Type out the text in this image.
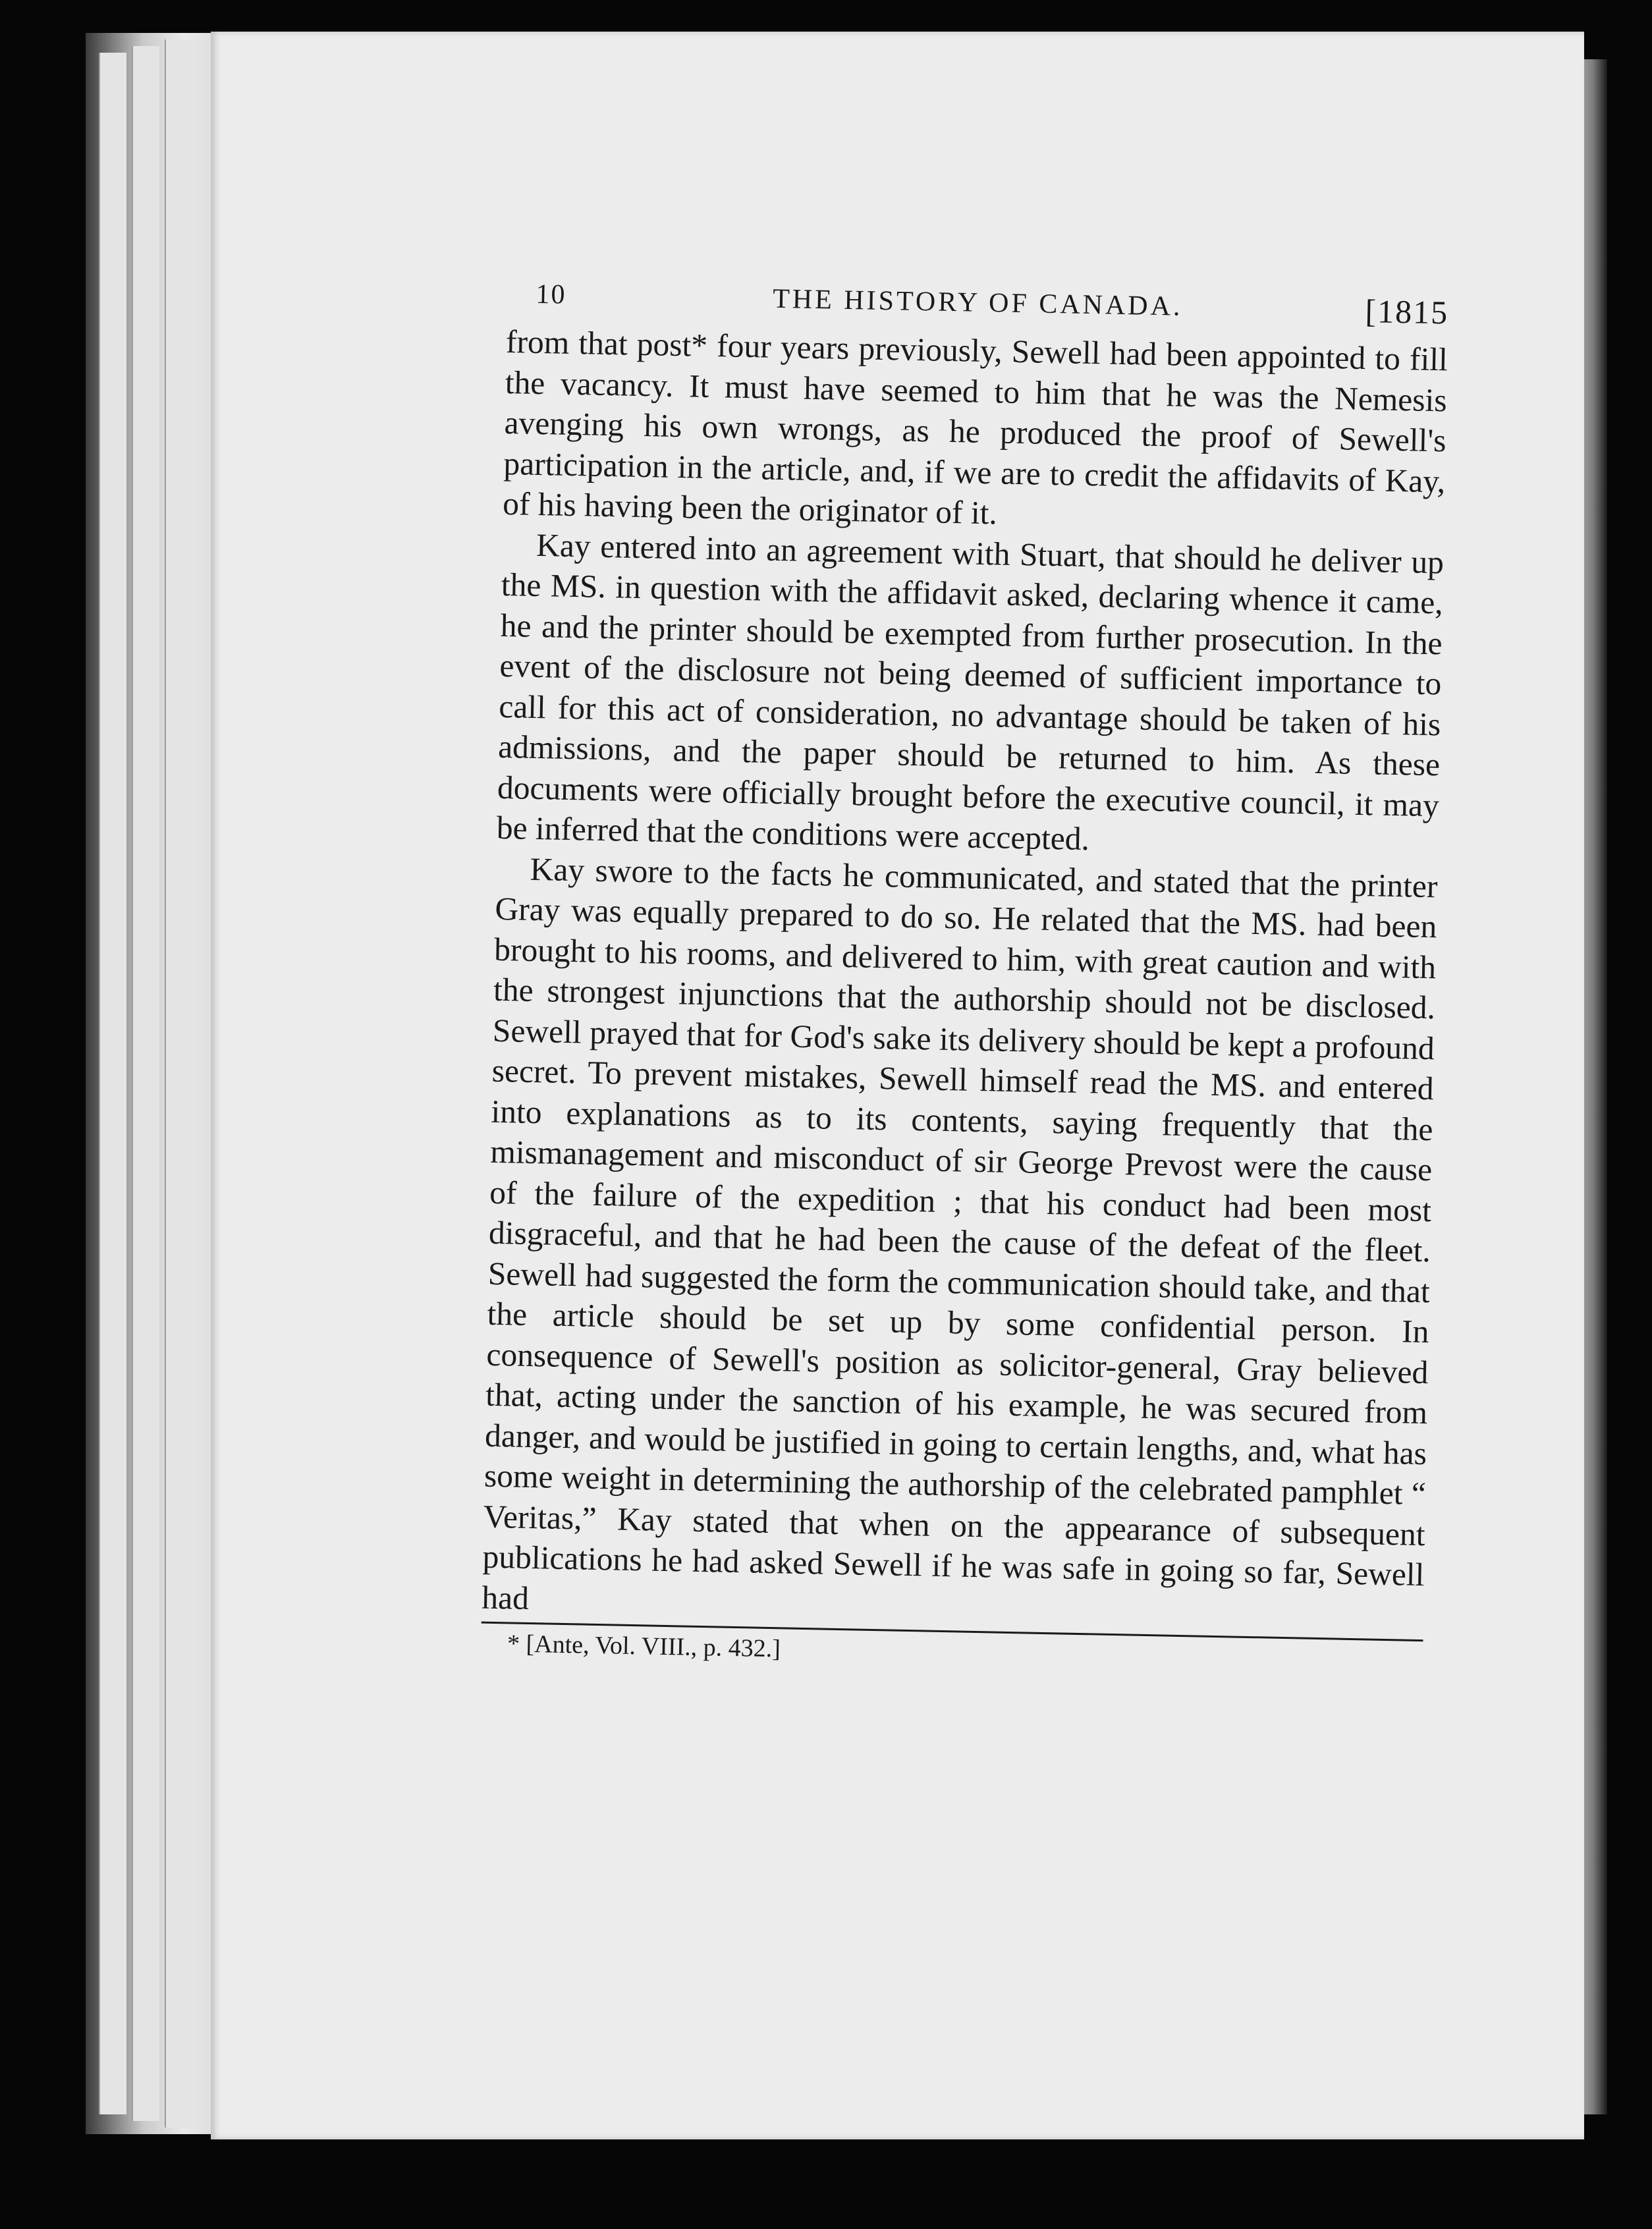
10	THE HISTORY OF CANADA.	[1815

from that post* four years previously, Sewell had been appointed to fill the vacancy. It must have seemed to him that he was the Nemesis avenging his own wrongs, as he produced the proof of Sewell's participation in the article, and, if we are to credit the affidavits of Kay, of his having been the originator of it.

Kay entered into an agreement with Stuart, that should he deliver up the MS. in question with the affidavit asked, declaring whence it came, he and the printer should be exempted from further prosecution. In the event of the disclosure not being deemed of sufficient importance to call for this act of consideration, no advantage should be taken of his admissions, and the paper should be returned to him. As these documents were officially brought before the executive council, it may be inferred that the conditions were accepted.

Kay swore to the facts he communicated, and stated that the printer Gray was equally prepared to do so. He related that the MS. had been brought to his rooms, and delivered to him, with great caution and with the strongest injunctions that the authorship should not be disclosed. Sewell prayed that for God's sake its delivery should be kept a profound secret. To prevent mistakes, Sewell himself read the MS. and entered into explanations as to its contents, saying frequently that the mismanagement and misconduct of sir George Prevost were the cause of the failure of the expedition ; that his conduct had been most disgraceful, and that he had been the cause of the defeat of the fleet. Sewell had suggested the form the communication should take, and that the article should be set up by some confidential person. In consequence of Sewell's position as solicitor-general, Gray believed that, acting under the sanction of his example, he was secured from danger, and would be justified in going to certain lengths, and, what has some weight in determining the authorship of the celebrated pamphlet “ Veritas,” Kay stated that when on the appearance of subsequent publications he had asked Sewell if he was safe in going so far, Sewell had

* [Ante, Vol. VIII., p. 432.]
